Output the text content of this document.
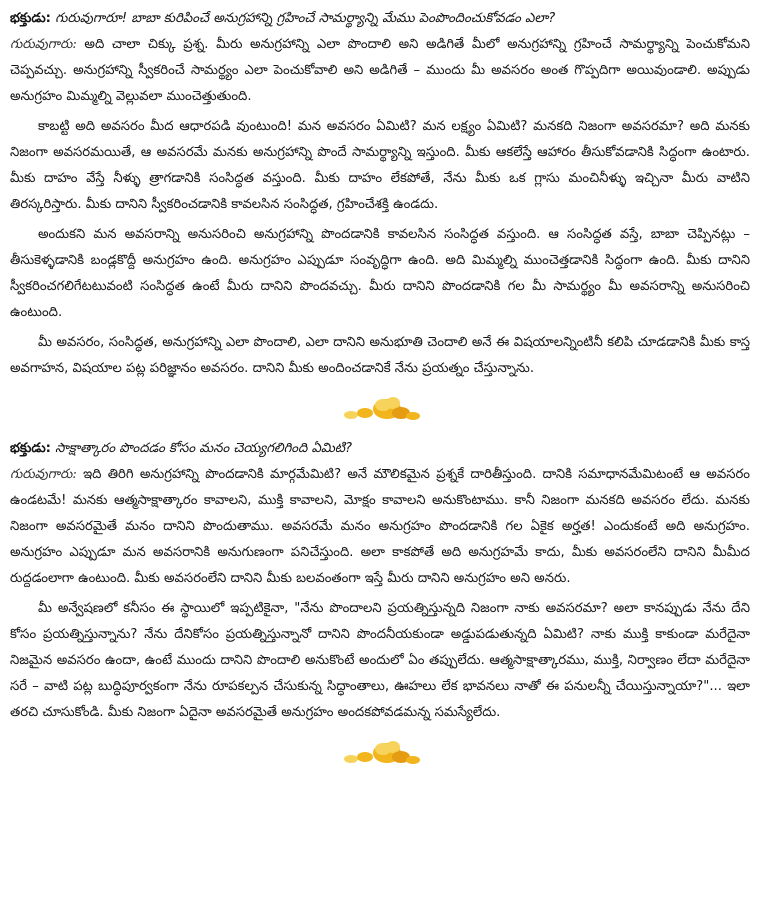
భక్తుడు: గురువుగారూ! బాబా కురిపించే అనుగ్రహాన్ని గ్రహించే సామర్థ్యాన్ని మేము పెంపొందించుకోవడం ఎలా?

గురువుగారు: అది చాలా చిక్కు ప్రశ్న. మీరు అనుగ్రహాన్ని ఎలా పొందాలి అని అడిగితే మీలో అనుగ్రహాన్ని గ్రహించే సామర్థ్యాన్ని పెంచుకోమని చెప్పవచ్చు. అనుగ్రహాన్ని స్వీకరించే సామర్థ్యం ఎలా పెంచుకోవాలి అని అడిగితే – ముందు మీ అవసరం అంత గొప్పదిగా అయివుండాలి. అప్పుడు అనుగ్రహం మిమ్మల్ని వెల్లువలా ముంచెత్తుతుంది.

కాబట్టి అది అవసరం మీద ఆధారపడి వుంటుంది! మన అవసరం ఏమిటి? మన లక్ష్యం ఏమిటి? మనకది నిజంగా అవసరమా? అది మనకు నిజంగా అవసరమయితే, ఆ అవసరమే మనకు అనుగ్రహాన్ని పొందే సామర్థ్యాన్ని ఇస్తుంది. మీకు ఆకలేస్తే ఆహారం తీసుకోవడానికి సిద్ధంగా ఉంటారు. మీకు దాహం వేస్తే నీళ్ళు త్రాగడానికి సంసిద్ధత వస్తుంది. మీకు దాహం లేకపోతే, నేను మీకు ఒక గ్లాసు మంచినీళ్ళు ఇచ్చినా మీరు వాటిని తిరస్కరిస్తారు. మీకు దానిని స్వీకరించడానికి కావలసిన సంసిద్ధత, గ్రహించేశక్తి ఉండదు.

అందుకని మన అవసరాన్ని అనుసరించి అనుగ్రహాన్ని పొందడానికి కావలసిన సంసిద్ధత వస్తుంది. ఆ సంసిద్ధత వస్తే, బాబా చెప్పినట్లు – తీసుకెళ్ళడానికి బండ్లకొద్దీ అనుగ్రహం ఉంది. అనుగ్రహం ఎప్పుడూ సంవృద్ధిగా ఉంది. అది మిమ్మల్ని ముంచెత్తడానికి సిద్ధంగా ఉంది. మీకు దానిని స్వీకరించగలిగేటటువంటి సంసిద్ధత ఉంటే మీరు దానిని పొందవచ్చు. మీరు దానిని పొందడానికి గల మీ సామర్థ్యం మీ అవసరాన్ని అనుసరించి ఉంటుంది.

మీ అవసరం, సంసిద్ధత, అనుగ్రహాన్ని ఎలా పొందాలి, ఎలా దానిని అనుభూతి చెందాలి అనే ఈ విషయాలన్నింటినీ కలిపి చూడడానికి మీకు కాస్త అవగాహన, విషయాల పట్ల పరిజ్ఞానం అవసరం. దానిని మీకు అందించడానికే నేను ప్రయత్నం చేస్తున్నాను.

భక్తుడు: సాక్షాత్కారం పొందడం కోసం మనం చెయ్యగలిగింది ఏమిటి?

గురువుగారు: ఇది తిరిగి అనుగ్రహాన్ని పొందడానికి మార్గమేమిటి? అనే మౌలికమైన ప్రశ్నకే దారితీస్తుంది. దానికి సమాధానమేమిటంటే ఆ అవసరం ఉండటమే! మనకు ఆత్మసాక్షాత్కారం కావాలని, ముక్తి కావాలని, మోక్షం కావాలని అనుకొంటాము. కానీ నిజంగా మనకది అవసరం లేదు. మనకు నిజంగా అవసరమైతే మనం దానిని పొందుతాము. అవసరమే మనం అనుగ్రహం పొందడానికి గల ఏకైక అర్హత! ఎందుకంటే అది అనుగ్రహం. అనుగ్రహం ఎప్పుడూ మన అవసరానికి అనుగుణంగా పనిచేస్తుంది. అలా కాకపోతే అది అనుగ్రహమే కాదు, మీకు అవసరంలేని దానిని మీమీద రుద్దడంలాగా ఉంటుంది. మీకు అవసరంలేని దానిని మీకు బలవంతంగా ఇస్తే మీరు దానిని అనుగ్రహం అని అనరు.

మీ అన్వేషణలో కనీసం ఈ స్థాయిలో ఇప్పటికైనా, "నేను పొందాలని ప్రయత్నిస్తున్నది నిజంగా నాకు అవసరమా? అలా కానప్పుడు నేను దేని కోసం ప్రయత్నిస్తున్నాను? నేను దేనికోసం ప్రయత్నిస్తున్నానో దానిని పొందనీయకుండా అడ్డుపడుతున్నది ఏమిటి? నాకు ముక్తి కాకుండా మరేదైనా నిజమైన అవసరం ఉందా, ఉంటే ముందు దానిని పొందాలి అనుకొంటే అందులో ఏం తప్పులేదు. ఆత్మసాక్షాత్కారము, ముక్తి, నిర్వాణం లేదా మరేదైనా సరే – వాటి పట్ల బుద్ధిపూర్వకంగా నేను రూపకల్పన చేసుకున్న సిద్ధాంతాలు, ఊహలు లేక భావనలు నాతో ఈ పనులన్నీ చేయిస్తున్నాయా?"... ఇలా తరచి చూసుకోండి. మీకు నిజంగా ఏదైనా అవసరమైతే అనుగ్రహం అందకపోవడమన్న సమస్యేలేదు.
